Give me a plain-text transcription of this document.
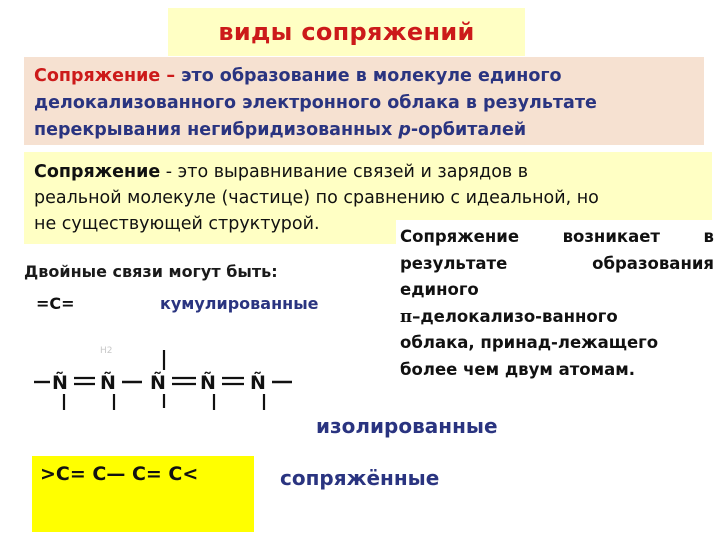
виды сопряжений
Сопряжение – это образование в молекуле единого
делокализованного электронного облака в результате
перекрывания негибридизованных р-орбиталей
Сопряжение - это выравнивание связей и зарядов в
реальной молекуле (частице) по сравнению с идеальной, но
не существующей структурой.
Сопряжение	возникает	в
результате	образования
единого
π–делокализо-ванного
облака, принад-лежащего
более чем двум атомам.
Двойные связи могут быть:
=C=	кумулированные
Н2
Ñ Ñ Ñ Ñ Ñ
изолированные
>C= C— C= C<	сопряжённые
